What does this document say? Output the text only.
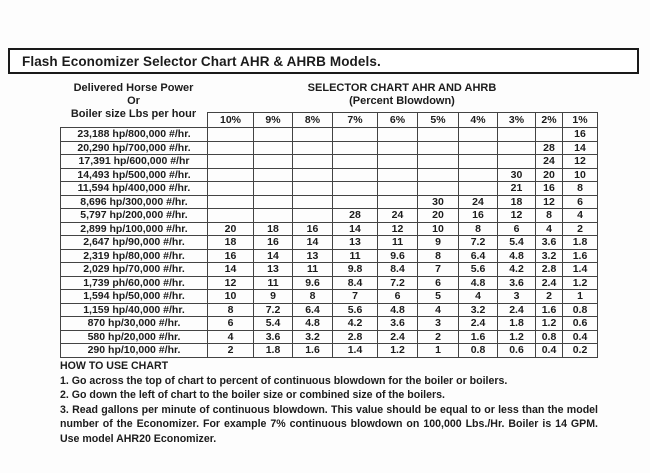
Flash Economizer Selector Chart AHR & AHRB Models.
Delivered Horse Power
Or
Boiler size Lbs per hour
SELECTOR CHART AHR AND AHRB
(Percent Blowdown)
	10%	9%	8%	7%	6%	5%	4%	3%	2%	1%
23,188 hp/800,000 #/hr.										16
20,290 hp/700,000 #/hr.									28	14
17,391 hp/600,000 #/hr									24	12
14,493 hp/500,000 #/hr.								30	20	10
11,594 hp/400,000 #/hr.								21	16	8
8,696 hp/300,000 #/hr.						30	24	18	12	6
5,797 hp/200,000 #/hr.				28	24	20	16	12	8	4
2,899 hp/100,000 #/hr.	20	18	16	14	12	10	8	6	4	2
2,647 hp/90,000 #/hr.	18	16	14	13	11	9	7.2	5.4	3.6	1.8
2,319 hp/80,000 #/hr.	16	14	13	11	9.6	8	6.4	4.8	3.2	1.6
2,029 hp/70,000 #/hr.	14	13	11	9.8	8.4	7	5.6	4.2	2.8	1.4
1,739 ph/60,000 #/hr.	12	11	9.6	8.4	7.2	6	4.8	3.6	2.4	1.2
1,594 hp/50,000 #/hr.	10	9	8	7	6	5	4	3	2	1
1,159 hp/40,000 #/hr.	8	7.2	6.4	5.6	4.8	4	3.2	2.4	1.6	0.8
870 hp/30,000 #/hr.	6	5.4	4.8	4.2	3.6	3	2.4	1.8	1.2	0.6
580 hp/20,000 #/hr.	4	3.6	3.2	2.8	2.4	2	1.6	1.2	0.8	0.4
290 hp/10,000 #/hr.	2	1.8	1.6	1.4	1.2	1	0.8	0.6	0.4	0.2
HOW TO USE CHART
1. Go across the top of chart to percent of continuous blowdown for the boiler or boilers.
2. Go down the left of chart to the boiler size or combined size of the boilers.
3. Read gallons per minute of continuous blowdown. This value should be equal to or less than the model number of the Economizer. For example 7% continuous blowdown on 100,000 Lbs./Hr. Boiler is 14 GPM. Use model AHR20 Economizer.
